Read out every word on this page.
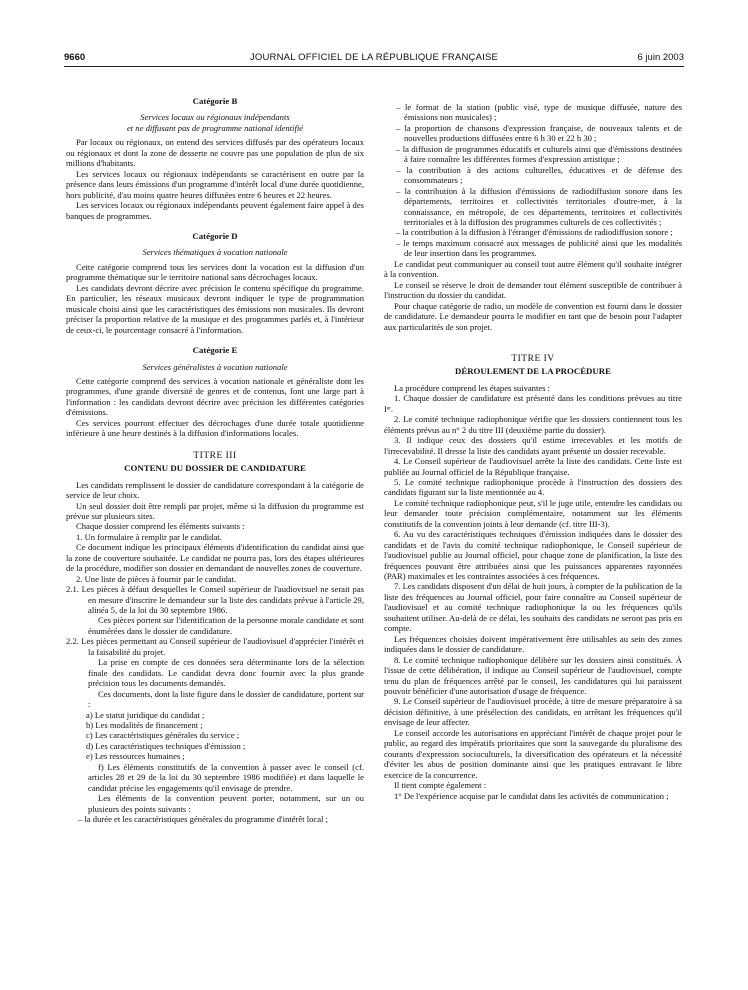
9660	JOURNAL OFFICIEL DE LA RÉPUBLIQUE FRANÇAISE	6 juin 2003

Catégorie B

Services locaux ou régionaux indépendants

et ne diffusant pas de programme national identifié

Par locaux ou régionaux, on entend des services diffusés par des opérateurs locaux ou régionaux et dont la zone de desserte ne couvre pas une population de plus de six millions d'habitants.

Les services locaux ou régionaux indépendants se caractérisent en outre par la présence dans leurs émissions d'un programme d'intérêt local d'une durée quotidienne, hors publicité, d'au moins quatre heures diffusées entre 6 heures et 22 heures.

Les services locaux ou régionaux indépendants peuvent également faire appel à des banques de programmes.

Catégorie D

Services thématiques à vocation nationale

Cette catégorie comprend tous les services dont la vocation est la diffusion d'un programme thématique sur le territoire national sans décrochages locaux.

Les candidats devront décrire avec précision le contenu spécifique du programme. En particulier, les réseaux musicaux devront indiquer le type de programmation musicale choisi ainsi que les caractéristiques des émissions non musicales. Ils devront préciser la proportion relative de la musique et des programmes parlés et, à l'intérieur de ceux-ci, le pourcentage consacré à l'information.

Catégorie E

Services généralistes à vocation nationale

Cette catégorie comprend des services à vocation nationale et généraliste dont les programmes, d'une grande diversité de genres et de contenus, font une large part à l'information : les candidats devront décrire avec précision les différentes catégories d'émissions.

Ces services pourront effectuer des décrochages d'une durée totale quotidienne inférieure à une heure destinés à la diffusion d'informations locales.

TITRE III

CONTENU DU DOSSIER DE CANDIDATURE

Les candidats remplissent le dossier de candidature correspondant à la catégorie de service de leur choix.

Un seul dossier doit être rempli par projet, même si la diffusion du programme est prévue sur plusieurs sites.

Chaque dossier comprend les éléments suivants :

1. Un formulaire à remplir par le candidat.

Ce document indique les principaux éléments d'identification du candidat ainsi que la zone de couverture souhaitée. Le candidat ne pourra pas, lors des étapes ultérieures de la procédure, modifier son dossier en demandant de nouvelles zones de couverture.

2. Une liste de pièces à fournir par le candidat.

2.1. Les pièces à défaut desquelles le Conseil supérieur de l'audiovisuel ne serait pas en mesure d'inscrire le demandeur sur la liste des candidats prévue à l'article 29, alinéa 5, de la loi du 30 septembre 1986.

Ces pièces portent sur l'identification de la personne morale candidate et sont énumérées dans le dossier de candidature.

2.2. Les pièces permettant au Conseil supérieur de l'audiovisuel d'apprécier l'intérêt et la faisabilité du projet.

La prise en compte de ces données sera déterminante lors de la sélection finale des candidats. Le candidat devra donc fournir avec la plus grande précision tous les documents demandés.

Ces documents, dont la liste figure dans le dossier de candidature, portent sur :

a) Le statut juridique du candidat ;

b) Les modalités de financement ;

c) Les caractéristiques générales du service ;

d) Les caractéristiques techniques d'émission ;

e) Les ressources humaines ;

f) Les éléments constitutifs de la convention à passer avec le conseil (cf. articles 28 et 29 de la loi du 30 septembre 1986 modifiée) et dans laquelle le candidat précise les engagements qu'il envisage de prendre.

Les éléments de la convention peuvent porter, notamment, sur un ou plusieurs des points suivants :

– la durée et les caractéristiques générales du programme d'intérêt local ;

– le format de la station (public visé, type de musique diffusée, nature des émissions non musicales) ;

– la proportion de chansons d'expression française, de nouveaux talents et de nouvelles productions diffusées entre 6 h 30 et 22 h 30 ;

– la diffusion de programmes éducatifs et culturels ainsi que d'émissions destinées à faire connaître les différentes formes d'expression artistique ;

– la contribution à des actions culturelles, éducatives et de défense des consommateurs ;

– la contribution à la diffusion d'émissions de radiodiffusion sonore dans les départements, territoires et collectivités territoriales d'outre-mer, à la connaissance, en métropole, de ces départements, territoires et collectivités territoriales et à la diffusion des programmes culturels de ces collectivités ;

– la contribution à la diffusion à l'étranger d'émissions de radiodiffusion sonore ;

– le temps maximum consacré aux messages de publicité ainsi que les modalités de leur insertion dans les programmes.

Le candidat peut communiquer au conseil tout autre élément qu'il souhaite intégrer à la convention.

Le conseil se réserve le droit de demander tout élément susceptible de contribuer à l'instruction du dossier du candidat.

Pour chaque catégorie de radio, un modèle de convention est fourni dans le dossier de candidature. Le demandeur pourra le modifier en tant que de besoin pour l'adapter aux particularités de son projet.

TITRE IV

DÉROULEMENT DE LA PROCÉDURE

La procédure comprend les étapes suivantes :

1. Chaque dossier de candidature est présenté dans les conditions prévues au titre Iᵉʳ.

2. Le comité technique radiophonique vérifie que les dossiers contiennent tous les éléments prévus au n° 2 du titre III (deuxième partie du dossier).

3. Il indique ceux des dossiers qu'il estime irrecevables et les motifs de l'irrecevabilité. Il dresse la liste des candidats ayant présenté un dossier recevable.

4. Le Conseil supérieur de l'audiovisuel arrête la liste des candidats. Cette liste est publiée au Journal officiel de la République française.

5. Le comité technique radiophonique procède à l'instruction des dossiers des candidats figurant sur la liste mentionnée au 4.

Le comité technique radiophonique peut, s'il le juge utile, entendre les candidats ou leur demander toute précision complémentaire, notamment sur les éléments constitutifs de la convention joints à leur demande (cf. titre III-3).

6. Au vu des caractéristiques techniques d'émission indiquées dans le dossier des candidats et de l'avis du comité technique radiophonique, le Conseil supérieur de l'audiovisuel publie au Journal officiel, pour chaque zone de planification, la liste des fréquences pouvant être attribuées ainsi que les puissances apparentes rayonnées (PAR) maximales et les contraintes associées à ces fréquences.

7. Les candidats disposent d'un délai de huit jours, à compter de la publication de la liste des fréquences au Journal officiel, pour faire connaître au Conseil supérieur de l'audiovisuel et au comité technique radiophonique la ou les fréquences qu'ils souhaitent utiliser. Au-delà de ce délai, les souhaits des candidats ne seront pas pris en compte.

Les fréquences choisies doivent impérativement être utilisables au sein des zones indiquées dans le dossier de candidature.

8. Le comité technique radiophonique délibère sur les dossiers ainsi constitués. À l'issue de cette délibération, il indique au Conseil supérieur de l'audiovisuel, compte tenu du plan de fréquences arrêté par le conseil, les candidatures qui lui paraissent pouvoir bénéficier d'une autorisation d'usage de fréquence.

9. Le Conseil supérieur de l'audiovisuel procède, à titre de mesure préparatoire à sa décision définitive, à une présélection des candidats, en arrêtant les fréquences qu'il envisage de leur affecter.

Le conseil accorde les autorisations en appréciant l'intérêt de chaque projet pour le public, au regard des impératifs prioritaires que sont la sauvegarde du pluralisme des courants d'expression socioculturels, la diversification des opérateurs et la nécessité d'éviter les abus de position dominante ainsi que les pratiques entravant le libre exercice de la concurrence.

Il tient compte également :

1° De l'expérience acquise par le candidat dans les activités de communication ;
